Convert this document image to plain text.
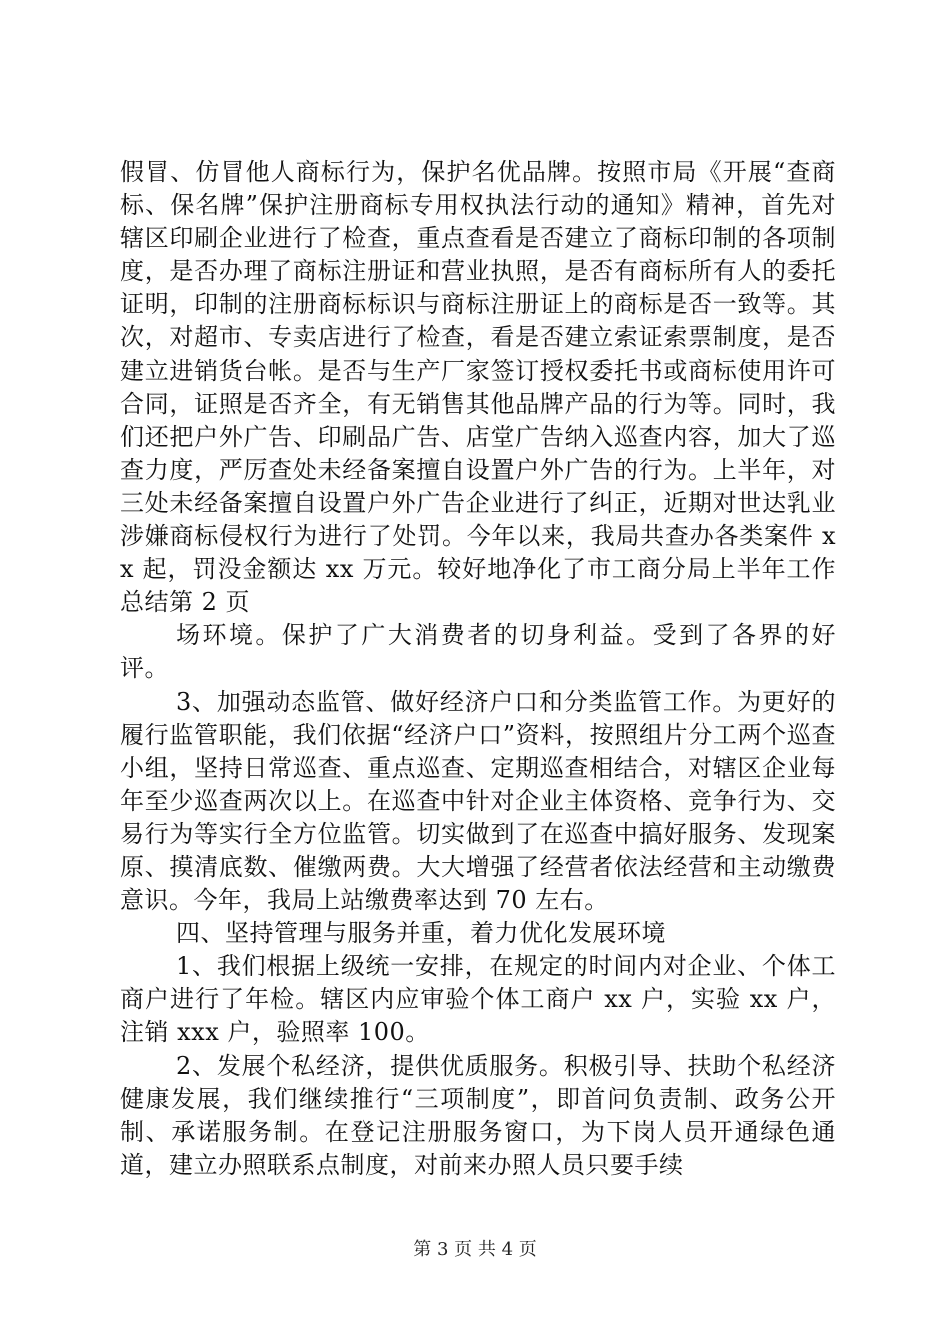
假冒、仿冒他人商标行为，保护名优品牌。按照市局《开展“查商标、保名牌”保护注册商标专用权执法行动的通知》精神，首先对辖区印刷企业进行了检查，重点查看是否建立了商标印制的各项制度，是否办理了商标注册证和营业执照，是否有商标所有人的委托证明，印制的注册商标标识与商标注册证上的商标是否一致等。其次，对超市、专卖店进行了检查，看是否建立索证索票制度，是否建立进销货台帐。是否与生产厂家签订授权委托书或商标使用许可合同，证照是否齐全，有无销售其他品牌产品的行为等。同时，我们还把户外广告、印刷品广告、店堂广告纳入巡查内容，加大了巡查力度，严厉查处未经备案擅自设置户外广告的行为。上半年，对三处未经备案擅自设置户外广告企业进行了纠正，近期对世达乳业涉嫌商标侵权行为进行了处罚。今年以来，我局共查办各类案件 xx 起，罚没金额达 xx 万元。较好地净化了市工商分局上半年工作总结第 2 页

场环境。保护了广大消费者的切身利益。受到了各界的好评。

3、加强动态监管、做好经济户口和分类监管工作。为更好的履行监管职能，我们依据“经济户口”资料，按照组片分工两个巡查小组，坚持日常巡查、重点巡查、定期巡查相结合，对辖区企业每年至少巡查两次以上。在巡查中针对企业主体资格、竞争行为、交易行为等实行全方位监管。切实做到了在巡查中搞好服务、发现案原、摸清底数、催缴两费。大大增强了经营者依法经营和主动缴费意识。今年，我局上站缴费率达到 70 左右。

四、坚持管理与服务并重，着力优化发展环境

1、我们根据上级统一安排，在规定的时间内对企业、个体工商户进行了年检。辖区内应审验个体工商户 xx 户，实验 xx 户，注销 xxx 户，验照率 100。

2、发展个私经济，提供优质服务。积极引导、扶助个私经济健康发展，我们继续推行“三项制度”，即首问负责制、政务公开制、承诺服务制。在登记注册服务窗口，为下岗人员开通绿色通道，建立办照联系点制度，对前来办照人员只要手续

第 3 页 共 4 页
